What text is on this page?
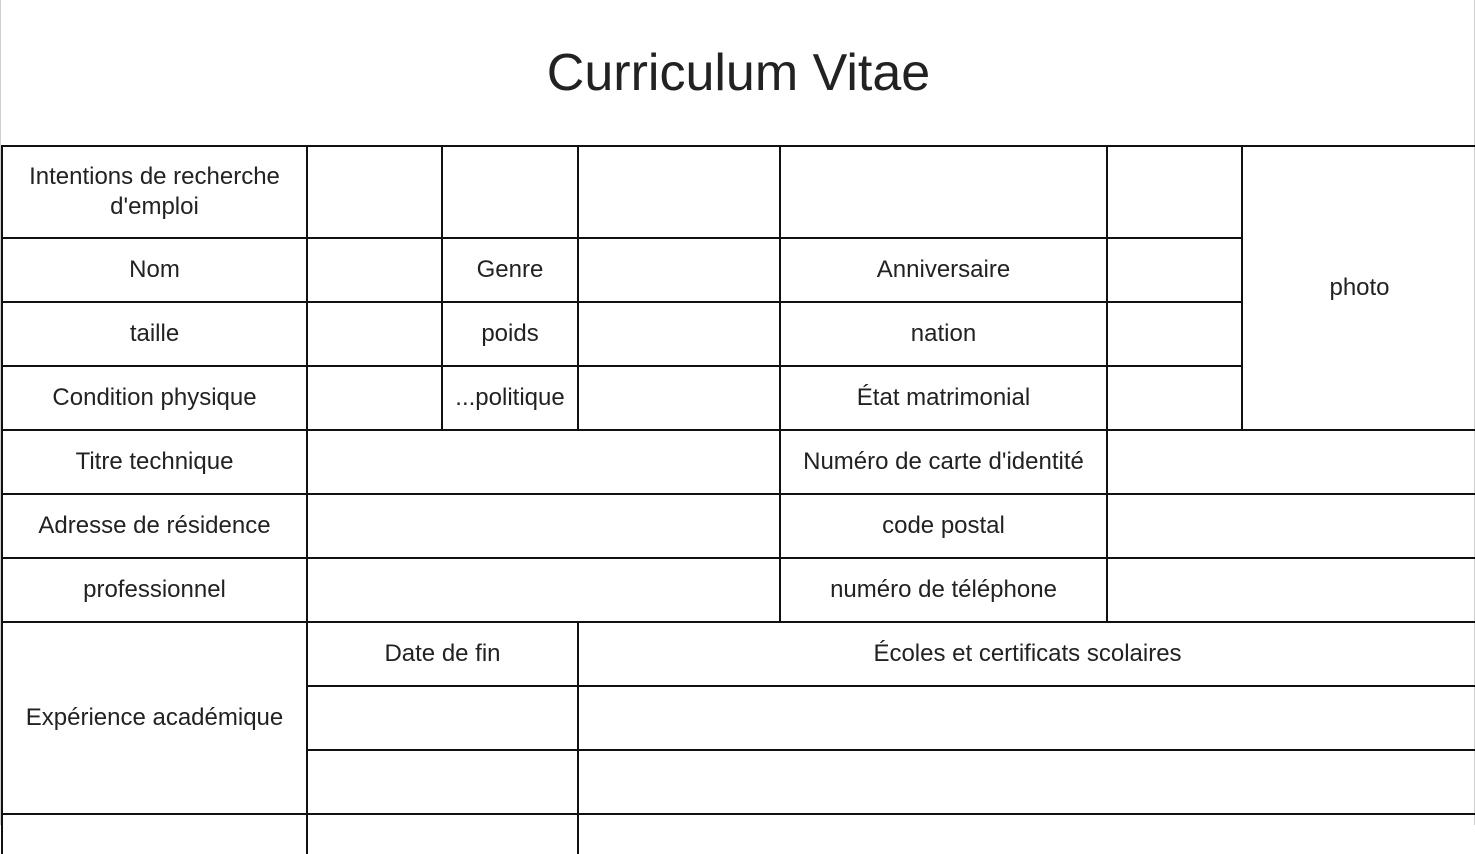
Curriculum Vitae
Intentions de recherche d'emploi						photo
Nom		Genre		Anniversaire		
taille		poids		nation		
Condition physique		...politique		État matrimonial		
Titre technique				Numéro de carte d'identité		
Adresse de résidence				code postal		
professionnel				numéro de téléphone		
Expérience académique	Date de fin		Écoles et certificats scolaires			
